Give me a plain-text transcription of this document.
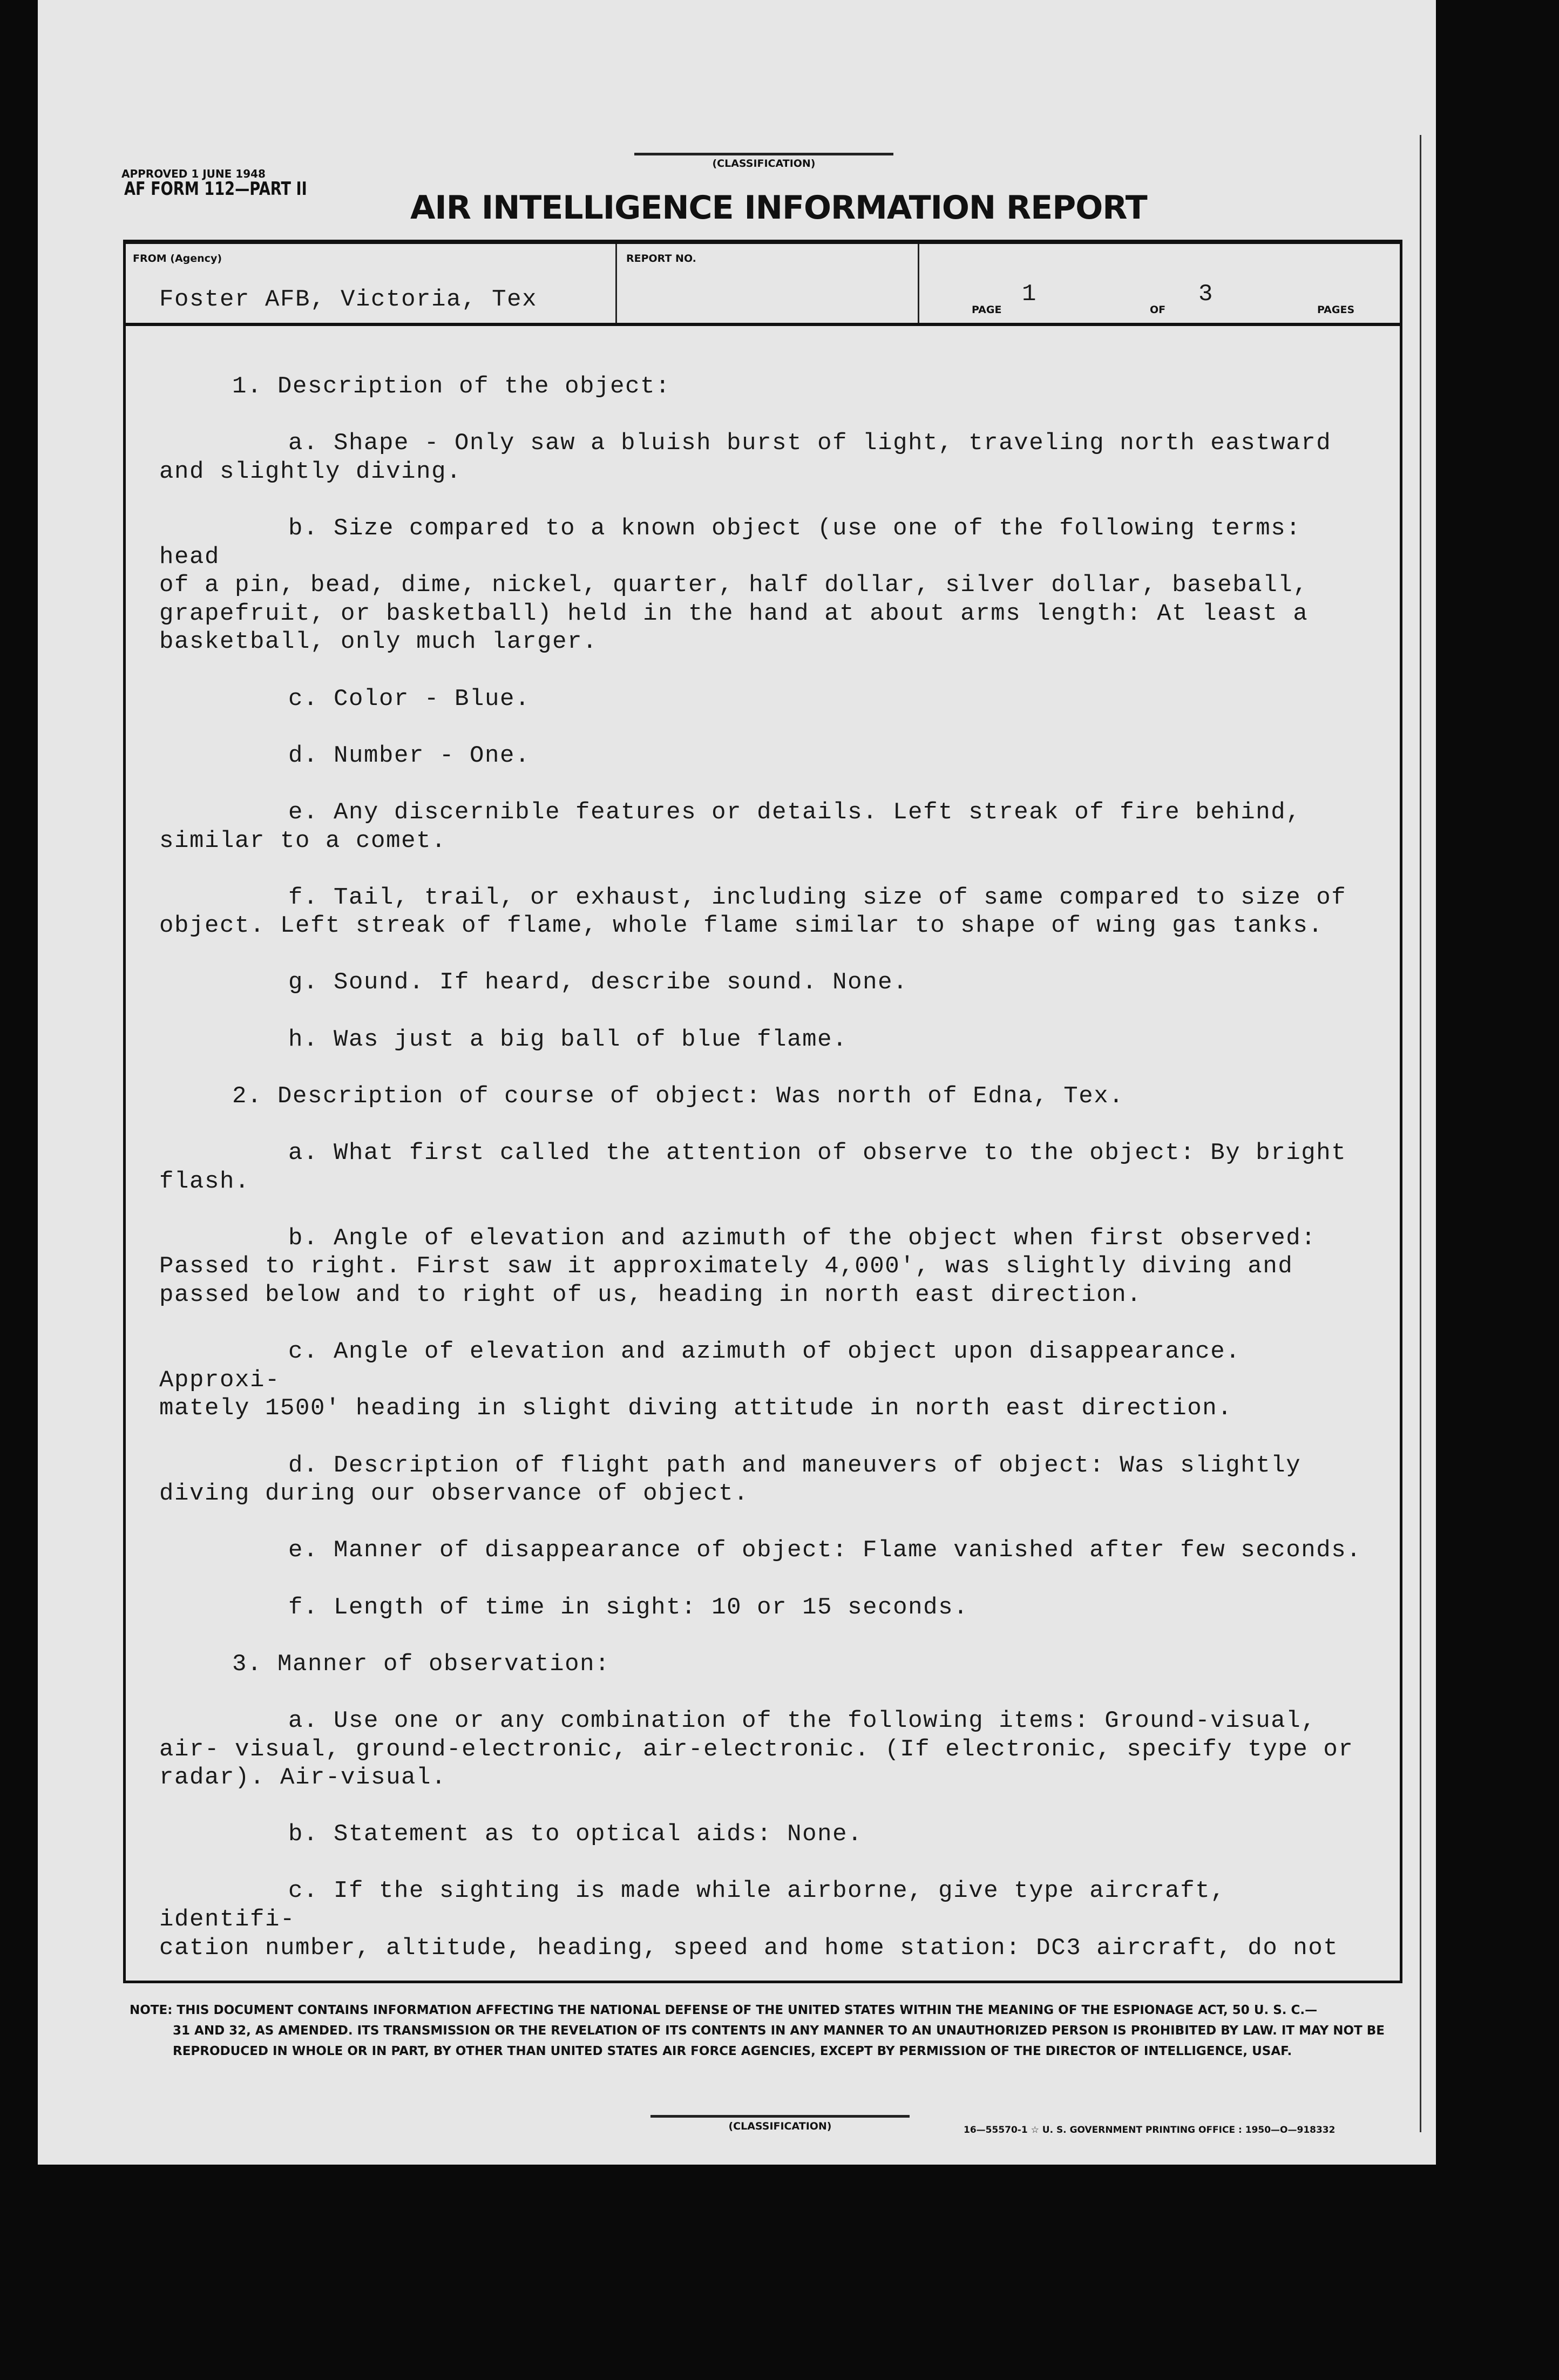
AF FORM 112—PART II
APPROVED 1 JUNE 1948
(CLASSIFICATION)
AIR INTELLIGENCE INFORMATION REPORT
FROM (Agency)
Foster AFB, Victoria, Tex
REPORT NO.
PAGE
1
OF
3
PAGES
1. Description of the object:
a. Shape - Only saw a bluish burst of light, traveling north eastward
and slightly diving.
b. Size compared to a known object (use one of the following terms: head
of a pin, bead, dime, nickel, quarter, half dollar, silver dollar, baseball,
grapefruit, or basketball) held in the hand at about arms length: At least a
basketball, only much larger.
c. Color - Blue.
d. Number - One.
e. Any discernible features or details. Left streak of fire behind,
similar to a comet.
f. Tail, trail, or exhaust, including size of same compared to size of
object. Left streak of flame, whole flame similar to shape of wing gas tanks.
g. Sound. If heard, describe sound. None.
h. Was just a big ball of blue flame.
2. Description of course of object: Was north of Edna, Tex.
a. What first called the attention of observe to the object: By bright
flash.
b. Angle of elevation and azimuth of the object when first observed:
Passed to right. First saw it approximately 4,000', was slightly diving and
passed below and to right of us, heading in north east direction.
c. Angle of elevation and azimuth of object upon disappearance. Approxi-
mately 1500' heading in slight diving attitude in north east direction.
d. Description of flight path and maneuvers of object: Was slightly
diving during our observance of object.
e. Manner of disappearance of object: Flame vanished after few seconds.
f. Length of time in sight: 10 or 15 seconds.
3. Manner of observation:
a. Use one or any combination of the following items: Ground-visual,
air- visual, ground-electronic, air-electronic. (If electronic, specify type or
radar). Air-visual.
b. Statement as to optical aids: None.
c. If the sighting is made while airborne, give type aircraft, identifi-
cation number, altitude, heading, speed and home station: DC3 aircraft, do not
NOTE: THIS DOCUMENT CONTAINS INFORMATION AFFECTING THE NATIONAL DEFENSE OF THE UNITED STATES WITHIN THE MEANING OF THE ESPIONAGE ACT, 50 U. S. C.—
31 AND 32, AS AMENDED. ITS TRANSMISSION OR THE REVELATION OF ITS CONTENTS IN ANY MANNER TO AN UNAUTHORIZED PERSON IS PROHIBITED BY LAW. IT MAY NOT BE REPRODUCED IN WHOLE OR IN PART, BY OTHER THAN UNITED STATES AIR FORCE AGENCIES, EXCEPT BY PERMISSION OF THE DIRECTOR OF INTELLIGENCE, USAF.
(CLASSIFICATION)	16—55570-1 ☆ U. S. GOVERNMENT PRINTING OFFICE : 1950—O—918332
